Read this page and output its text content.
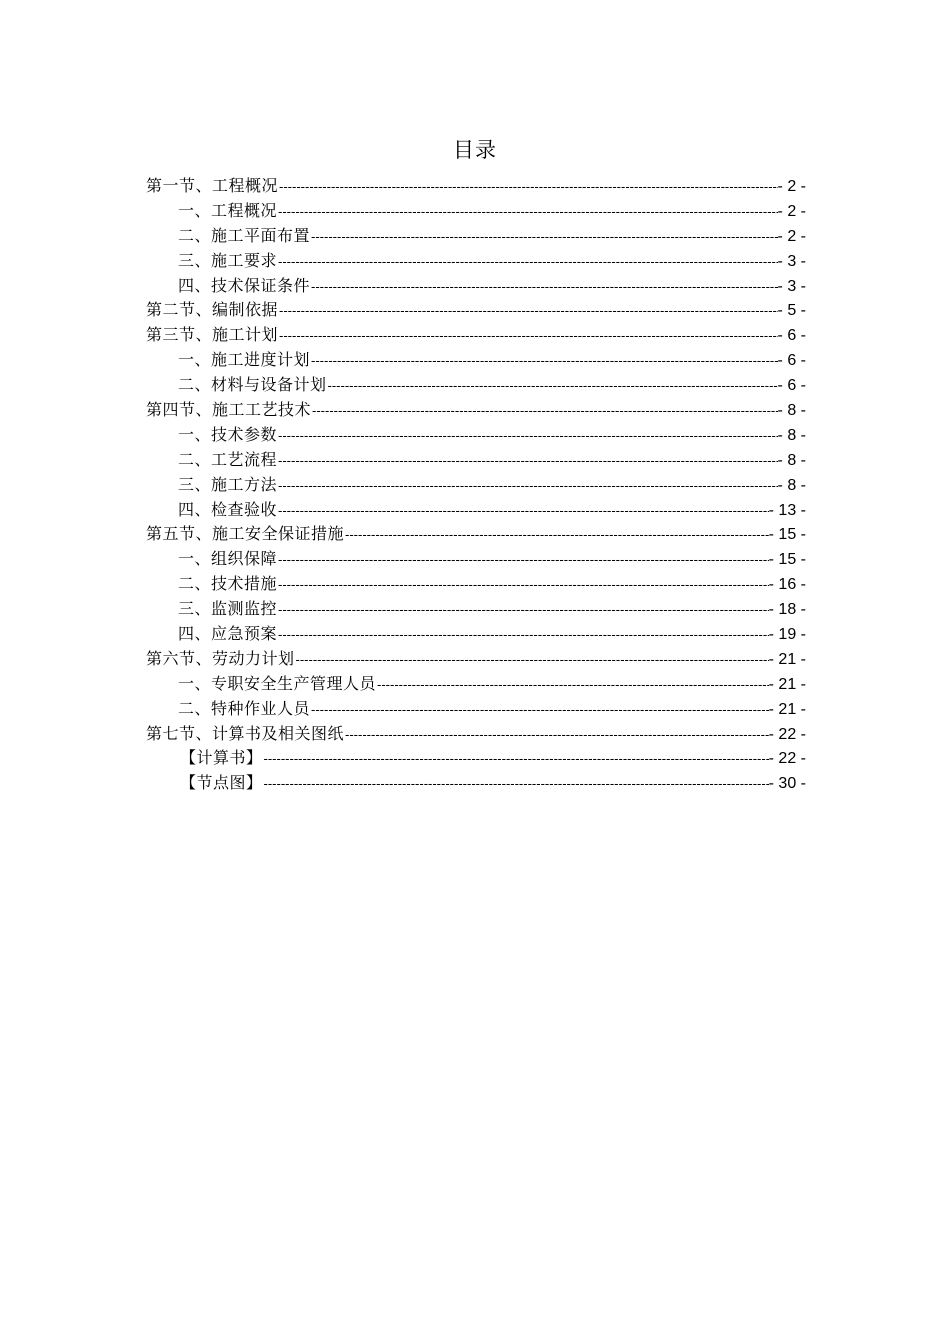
目录
第一节、工程概况 -----	- 2 -
一、工程概况 -----	- 2 -
二、施工平面布置 -----	- 2 -
三、施工要求 -----	- 3 -
四、技术保证条件 -----	- 3 -
第二节、编制依据 -----	- 5 -
第三节、施工计划 -----	- 6 -
一、施工进度计划 -----	- 6 -
二、材料与设备计划 -----	- 6 -
第四节、施工工艺技术 -----	- 8 -
一、技术参数 -----	- 8 -
二、工艺流程 -----	- 8 -
三、施工方法 -----	- 8 -
四、检查验收 -----	- 13 -
第五节、施工安全保证措施 -----	- 15 -
一、组织保障 -----	- 15 -
二、技术措施 -----	- 16 -
三、监测监控 -----	- 18 -
四、应急预案 -----	- 19 -
第六节、劳动力计划 -----	- 21 -
一、专职安全生产管理人员 -----	- 21 -
二、特种作业人员 -----	- 21 -
第七节、计算书及相关图纸 -----	- 22 -
【计算书】 -----	- 22 -
【节点图】 -----	- 30 -
